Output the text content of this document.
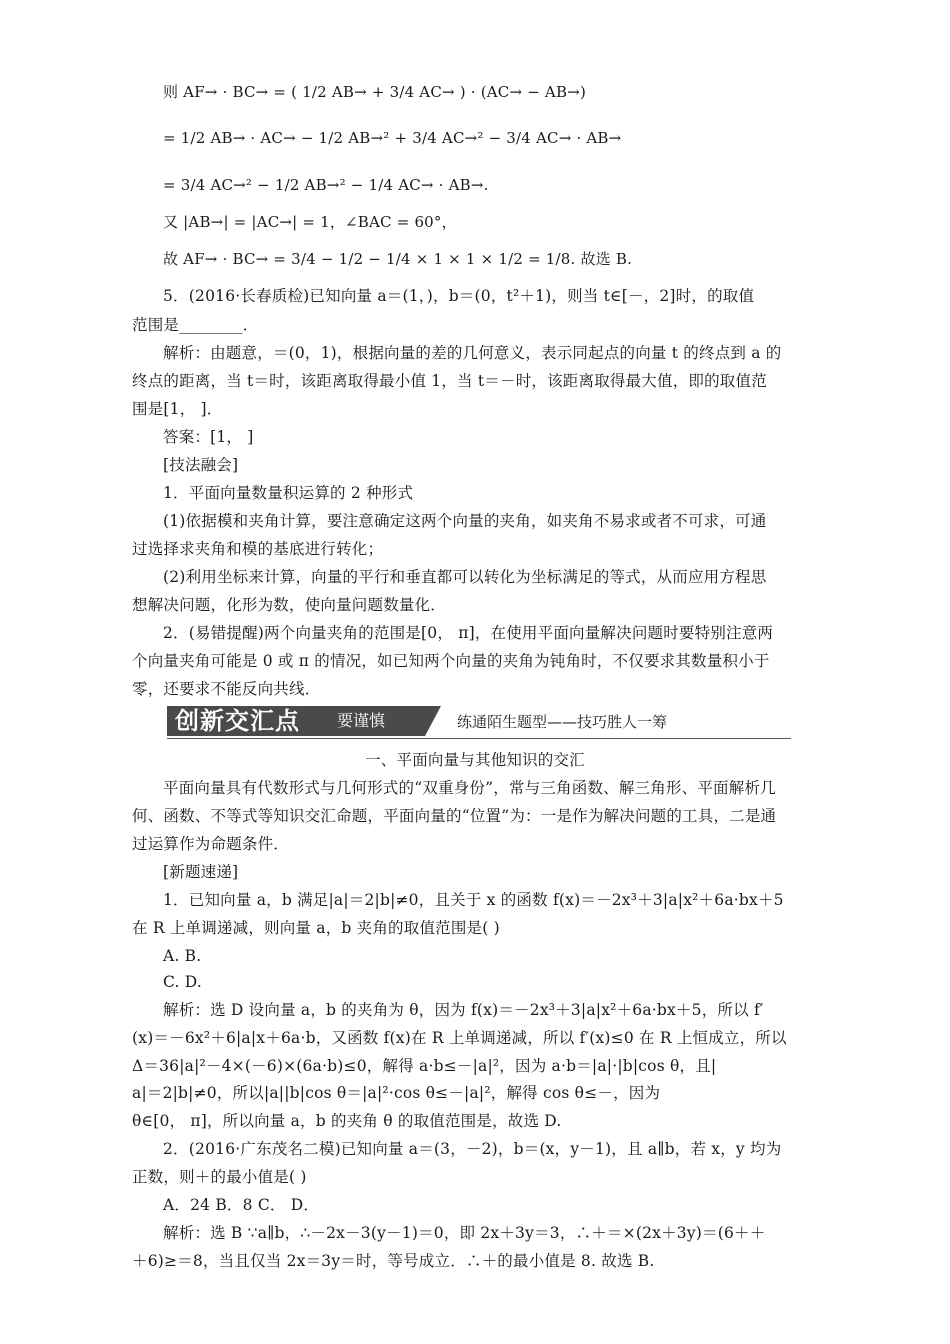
则 AF→ · BC→ = ( 1/2 AB→ + 3/4 AC→ ) · (AC→ − AB→)
= 1/2 AB→ · AC→ − 1/2 AB→² + 3/4 AC→² − 3/4 AC→ · AB→
= 3/4 AC→² − 1/2 AB→² − 1/4 AC→ · AB→.
又 |AB→| = |AC→| = 1，∠BAC = 60°，
故 AF→ · BC→ = 3/4 − 1/2 − 1/4 × 1 × 1 × 1/2 = 1/8. 故选 B.
5．(2016·长春质检)已知向量 a＝(1，)，b＝(0，t²＋1)，则当 t∈[－，2]时，的取值
范围是________．
解析：由题意，＝(0，1)，根据向量的差的几何意义，表示同起点的向量 t 的终点到 a 的
终点的距离，当 t＝时，该距离取得最小值 1，当 t＝－时，该距离取得最大值，即的取值范
围是[1， ]．
答案：[1， ]
[技法融会]
1．平面向量数量积运算的 2 种形式
(1)依据模和夹角计算，要注意确定这两个向量的夹角，如夹角不易求或者不可求，可通
过选择求夹角和模的基底进行转化；
(2)利用坐标来计算，向量的平行和垂直都可以转化为坐标满足的等式，从而应用方程思
想解决问题，化形为数，使向量问题数量化．
2．(易错提醒)两个向量夹角的范围是[0， π]，在使用平面向量解决问题时要特别注意两
个向量夹角可能是 0 或 π 的情况，如已知两个向量的夹角为钝角时，不仅要求其数量积小于
零，还要求不能反向共线．
创新交汇点 要谨慎	练通陌生题型——技巧胜人一筹
一、平面向量与其他知识的交汇
平面向量具有代数形式与几何形式的“双重身份”，常与三角函数、解三角形、平面解析几
何、函数、不等式等知识交汇命题，平面向量的“位置”为：一是作为解决问题的工具，二是通
过运算作为命题条件．
[新题速递]
1．已知向量 a，b 满足|a|＝2|b|≠0，且关于 x 的函数 f(x)＝－2x³＋3|a|x²＋6a·bx＋5
在 R 上单调递减，则向量 a，b 夹角的取值范围是( )
A. B.
C. D.
解析：选 D 设向量 a，b 的夹角为 θ，因为 f(x)＝－2x³＋3|a|x²＋6a·bx＋5，所以 f′
(x)＝－6x²＋6|a|x＋6a·b，又函数 f(x)在 R 上单调递减，所以 f′(x)≤0 在 R 上恒成立，所以
Δ＝36|a|²－4×(－6)×(6a·b)≤0，解得 a·b≤－|a|²，因为 a·b＝|a|·|b|cos θ，且|
a|＝2|b|≠0，所以|a||b|cos θ＝|a|²·cos θ≤－|a|²，解得 cos θ≤－，因为
θ∈[0， π]，所以向量 a，b 的夹角 θ 的取值范围是，故选 D.
2．(2016·广东茂名二模)已知向量 a＝(3，－2)，b＝(x，y－1)，且 a∥b，若 x，y 均为
正数，则＋的最小值是( )
A．24 B．8 C． D．
解析：选 B ∵a∥b，∴－2x－3(y－1)＝0，即 2x＋3y＝3，∴＋＝×(2x＋3y)＝(6＋＋
＋6)≥＝8，当且仅当 2x＝3y＝时，等号成立．∴＋的最小值是 8. 故选 B.
